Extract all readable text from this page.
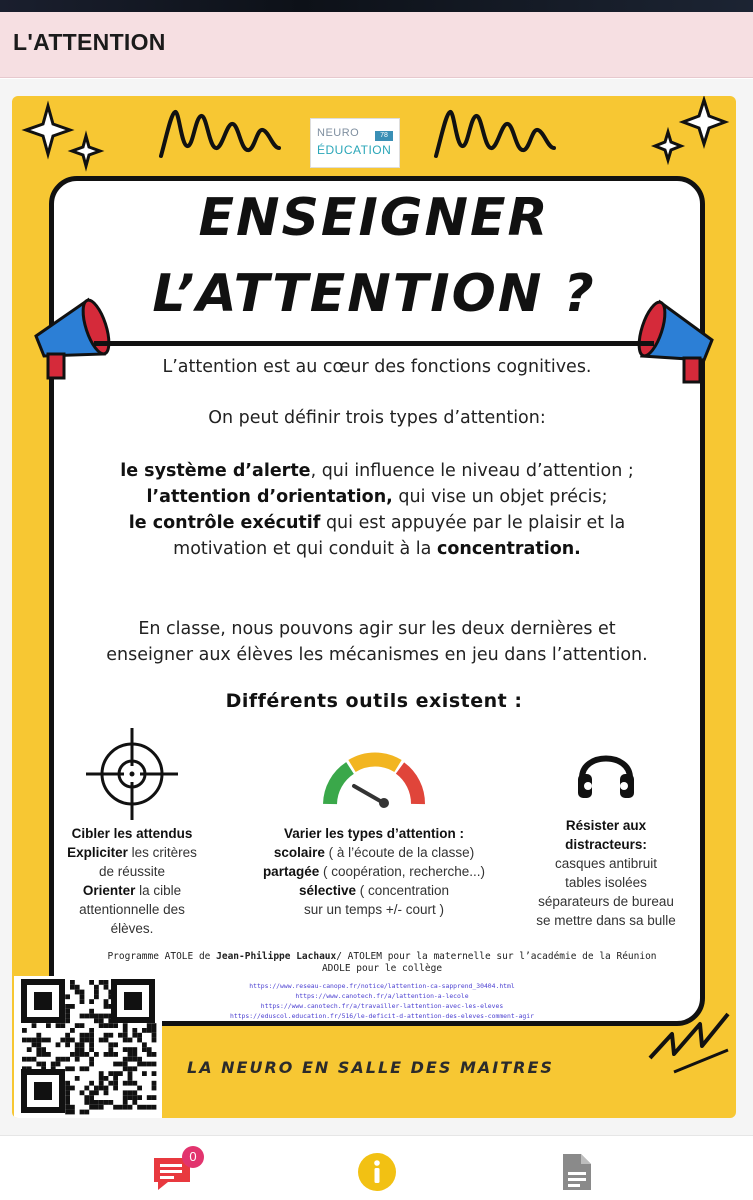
L'ATTENTION
NEURO
ÉDUCATION
78
ENSEIGNER
L’ATTENTION ?
L’attention est au cœur des fonctions cognitives.
On peut définir trois types d’attention:
le système d’alerte, qui influence le niveau d’attention ;
l’attention d’orientation, qui vise un objet précis;
le contrôle exécutif qui est appuyée par le plaisir et la
motivation et qui conduit à la concentration.
En classe, nous pouvons agir sur les deux dernières et
enseigner aux élèves les mécanismes en jeu dans l’attention.
Différents outils existent :
Cibler les attendus
Expliciter les critères
de réussite
Orienter la cible
attentionnelle des
élèves.
Varier les types d’attention :
scolaire ( à l’écoute de la classe)
partagée ( coopération, recherche...)
sélective ( concentration
sur un temps +/- court )
Résister aux
distracteurs:
casques antibruit
tables isolées
séparateurs de bureau
se mettre dans sa bulle
Programme ATOLE de Jean-Philippe Lachaux/ ATOLEM pour la maternelle sur l’académie de la Réunion
ADOLE pour le collège
https://www.reseau-canope.fr/notice/lattention-ca-sapprend_30404.html
https://www.canotech.fr/a/lattention-a-lecole
https://www.canotech.fr/a/travailler-lattention-avec-les-eleves
https://eduscol.education.fr/516/le-deficit-d-attention-des-eleves-comment-agir
LA NEURO EN SALLE DES MAITRES
0
